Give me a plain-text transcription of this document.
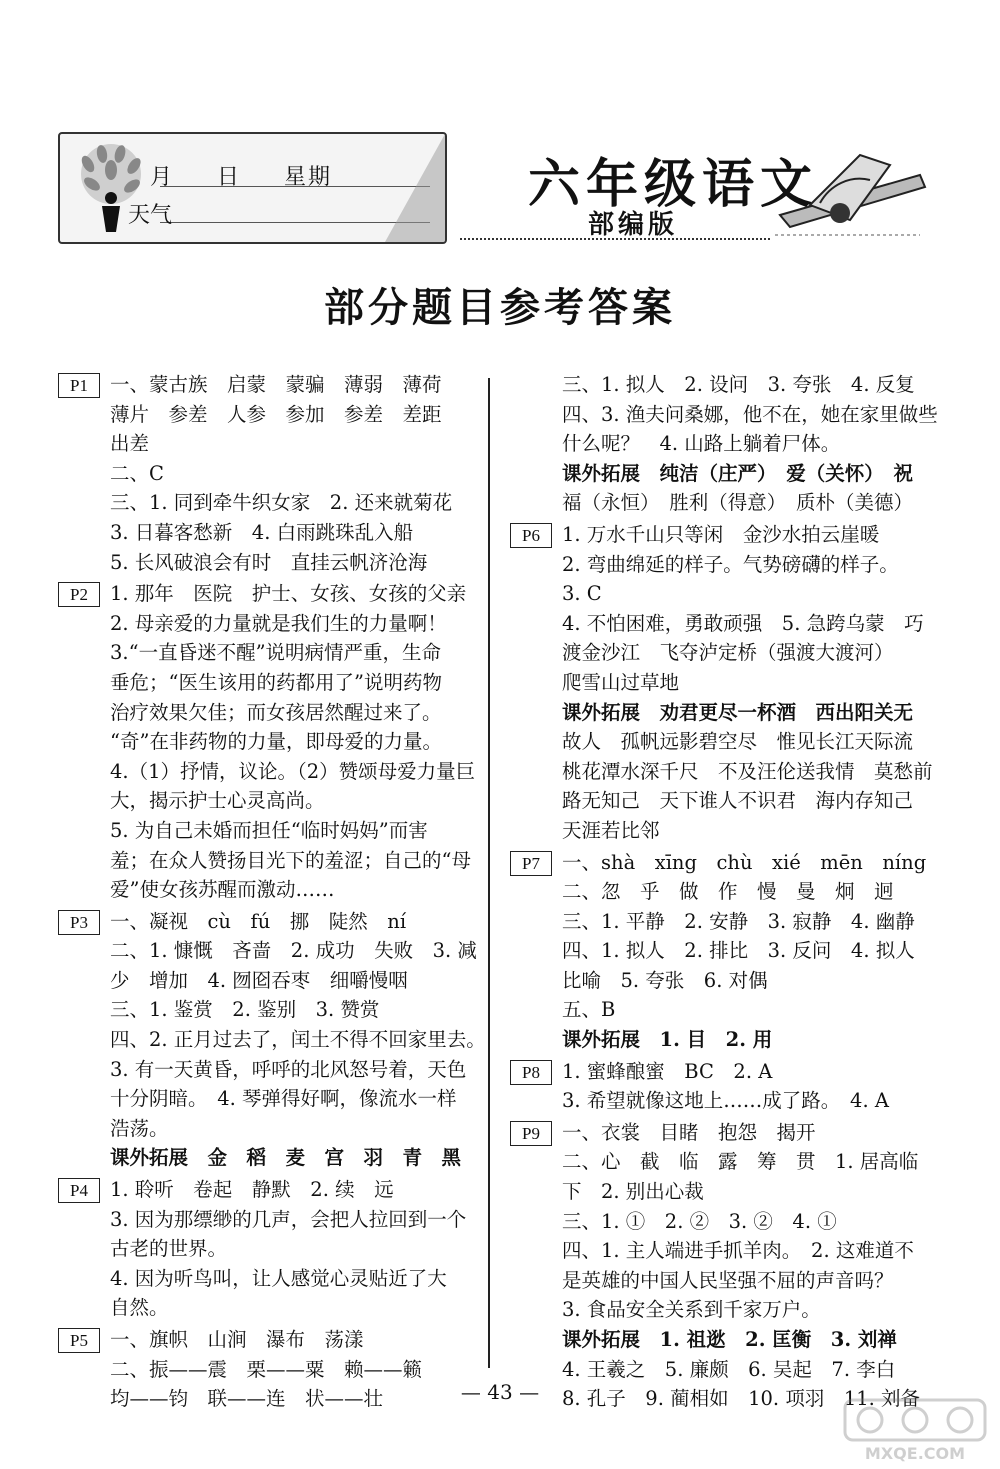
月 日 星期
天气
六年级语文
部编版
部分题目参考答案
P1	一、蒙古族　启蒙　蒙骗　薄弱　薄荷
薄片　参差　人参　参加　参差　差距
出差
二、C
三、1. 同到牵牛织女家　2. 还来就菊花
3. 日暮客愁新　4. 白雨跳珠乱入船
5. 长风破浪会有时　直挂云帆济沧海
P2	1. 那年　医院　护士、女孩、女孩的父亲
2. 母亲爱的力量就是我们生的力量啊！
3.“一直昏迷不醒”说明病情严重，生命
垂危；“医生该用的药都用了”说明药物
治疗效果欠佳；而女孩居然醒过来了。
“奇”在非药物的力量，即母爱的力量。
4.（1）抒情，议论。（2）赞颂母爱力量巨
大，揭示护士心灵高尚。
5. 为自己未婚而担任“临时妈妈”而害
羞；在众人赞扬目光下的羞涩；自己的“母
爱”使女孩苏醒而激动……
P3	一、凝视　cù　fú　挪　陡然　ní
二、1. 慷慨　吝啬　2. 成功　失败　3. 减
少　增加　4. 囫囵吞枣　细嚼慢咽
三、1. 鉴赏　2. 鉴别　3. 赞赏
四、2. 正月过去了，闰土不得不回家里去。
3. 有一天黄昏，呼呼的北风怒号着，天色
十分阴暗。　4. 琴弹得好啊，像流水一样
浩荡。
课外拓展　金　稻　麦　宫　羽　青　黑
P4	1. 聆听　卷起　静默　2. 续　远
3. 因为那缥缈的几声，会把人拉回到一个
古老的世界。
4. 因为听鸟叫，让人感觉心灵贴近了大
自然。
P5	一、旗帜　山涧　瀑布　荡漾
二、振——震　栗——粟　赖——籁
均——钧　联——连　状——壮
三、1. 拟人　2. 设问　3. 夸张　4. 反复
四、3. 渔夫问桑娜，他不在，她在家里做些
什么呢？　4. 山路上躺着尸体。
课外拓展　纯洁（庄严）　爱（关怀）　祝
福（永恒）　胜利（得意）　质朴（美德）
P6	1. 万水千山只等闲　金沙水拍云崖暖
2. 弯曲绵延的样子。气势磅礴的样子。
3. C
4. 不怕困难，勇敢顽强　5. 急跨乌蒙　巧
渡金沙江　飞夺泸定桥（强渡大渡河）
爬雪山过草地
课外拓展　劝君更尽一杯酒　西出阳关无
故人　孤帆远影碧空尽　惟见长江天际流
桃花潭水深千尺　不及汪伦送我情　莫愁前
路无知己　天下谁人不识君　海内存知己
天涯若比邻
P7	一、shà　xīng　chù　xié　mēn　níng
二、忽　乎　做　作　慢　曼　炯　迥
三、1. 平静　2. 安静　3. 寂静　4. 幽静
四、1. 拟人　2. 排比　3. 反问　4. 拟人
比喻　5. 夸张　6. 对偶
五、B
课外拓展　1. 目　2. 用
P8	1. 蜜蜂酿蜜　BC　2. A
3. 希望就像这地上……成了路。　4. A
P9	一、衣裳　目睹　抱怨　揭开
二、心　截　临　露　筹　贯　1. 居高临
下　2. 别出心裁
三、1. ①　2. ②　3. ②　4. ①
四、1. 主人端进手抓羊肉。　2. 这难道不
是英雄的中国人民坚强不屈的声音吗？
3. 食品安全关系到千家万户。
课外拓展　1. 祖逖　2. 匡衡　3. 刘禅
4. 王羲之　5. 廉颇　6. 吴起　7. 李白
8. 孔子　9. 蔺相如　10. 项羽　11. 刘备
— 43 —
MXQE.COM
